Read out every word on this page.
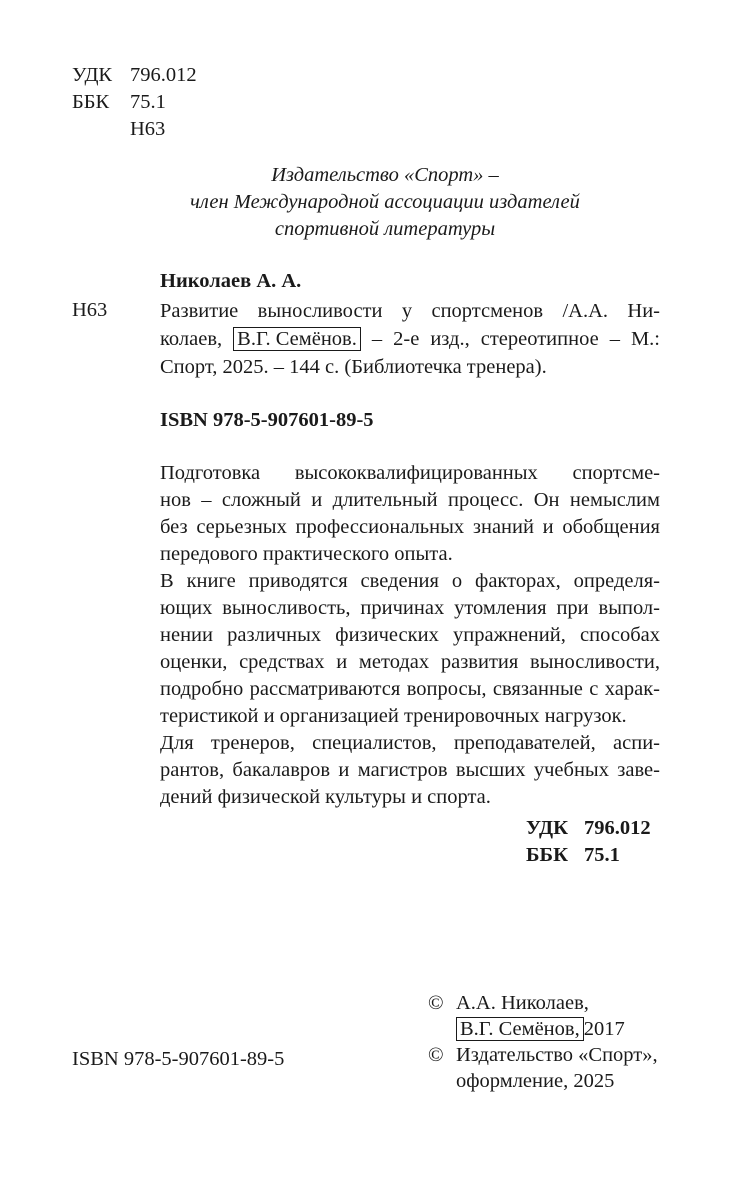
УДК 796.012
ББК	75.1
Н63
Издательство «Спорт» –
член Международной ассоциации издателей
спортивной литературы
Николаев А. А.
Н63	Развитие выносливости у спортсменов /А.А. Ни-
колаев, В.Г. Семёнов. – 2-е изд., стереотипное – М.:
Спорт, 2025. – 144 с. (Библиотечка тренера).
ISBN 978-5-907601-89-5
Подготовка высококвалифицированных спортсме-
нов – сложный и длительный процесс. Он немыслим
без серьезных профессиональных знаний и обобщения
передового практического опыта.
В книге приводятся сведения о факторах, определя-
ющих выносливость, причинах утомления при выпол-
нении различных физических упражнений, способах
оценки, средствах и методах развития выносливости,
подробно рассматриваются вопросы, связанные с харак-
теристикой и организацией тренировочных нагрузок.
Для тренеров, специалистов, преподавателей, аспи-
рантов, бакалавров и магистров высших учебных заве-
дений физической культуры и спорта.
УДК 796.012
ББК 75.1
© А.А. Николаев,
В.Г. Семёнов, 2017
© Издательство «Спорт»,
оформление, 2025
ISBN 978-5-907601-89-5
